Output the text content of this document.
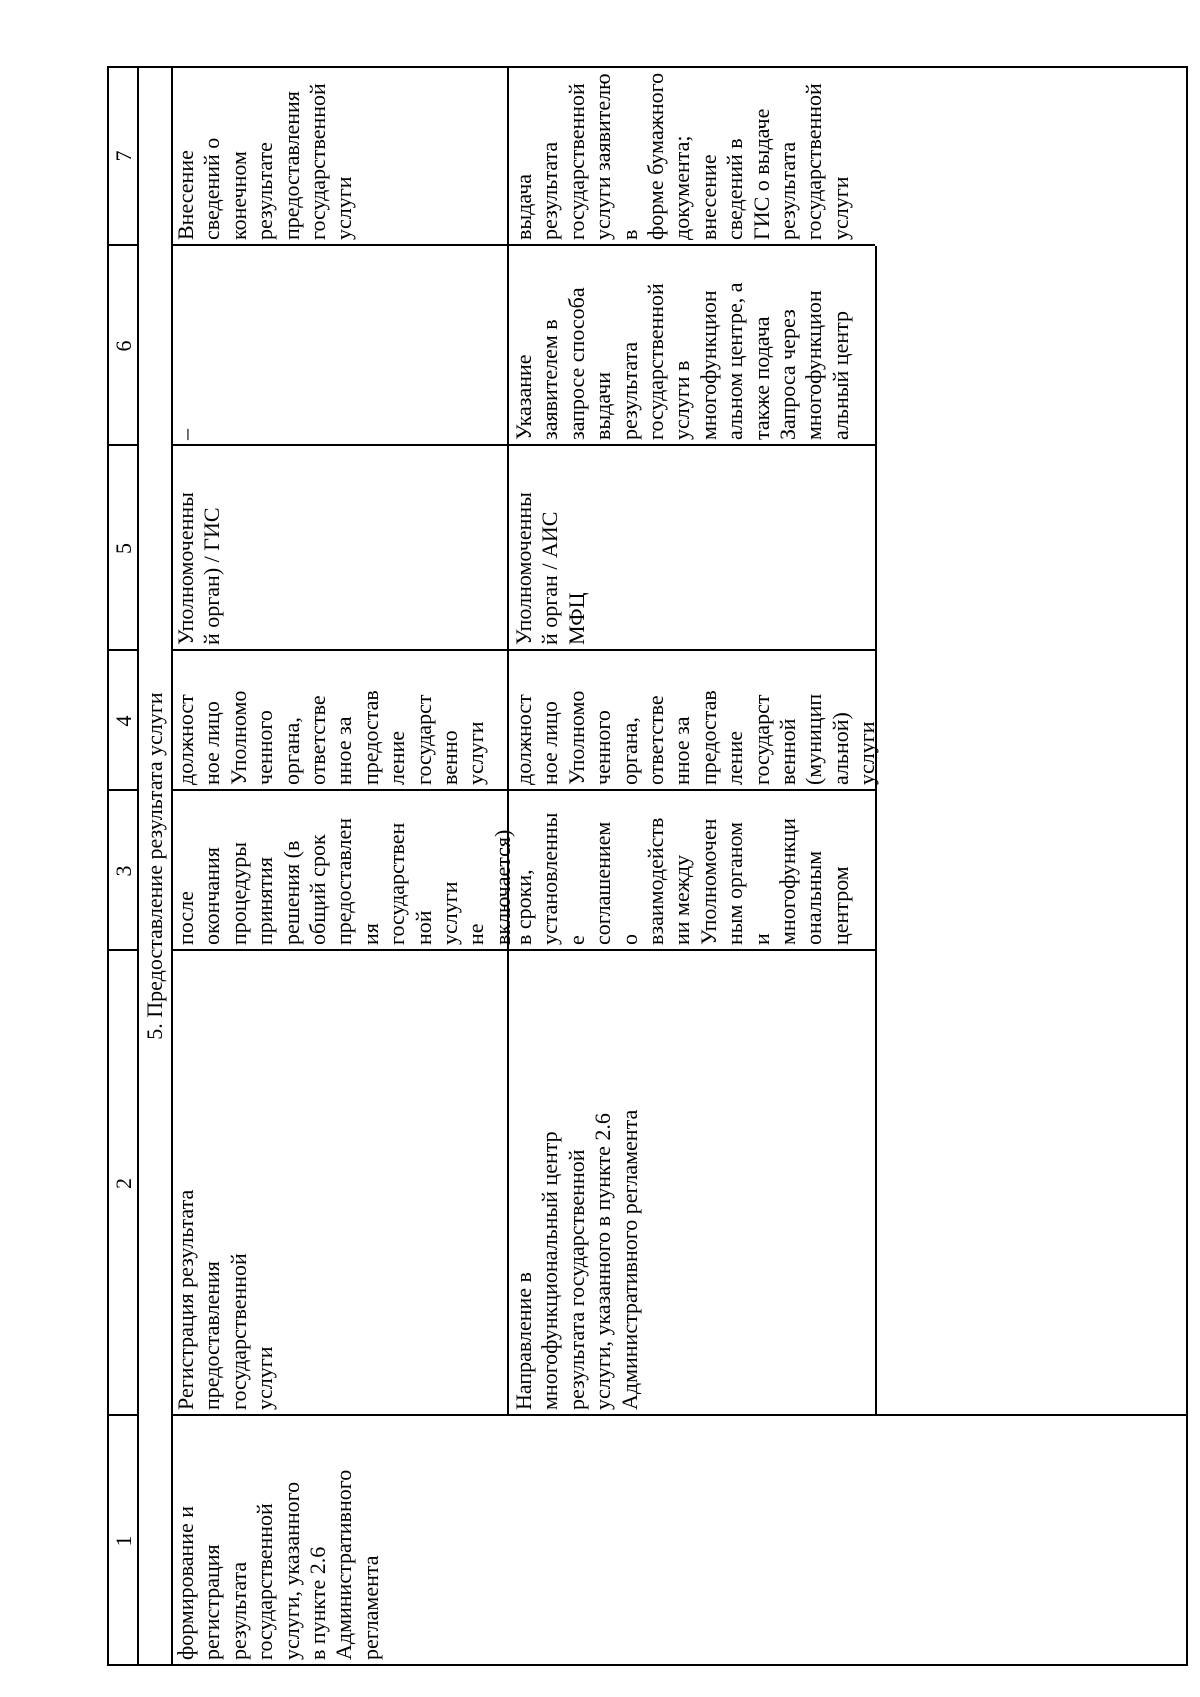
1
2
3
4
5
6
7
5. Предоставление результата услуги
формирование и
регистрация
результата
государственной
услуги, указанного
в пункте 2.6
Административного
регламента
Регистрация результата
предоставления
государственной
услуги
после
окончания
процедуры
принятия
решения (в
общий срок
предоставлен
ия
государствен
ной
услуги
не
включается)
должност
ное лицо
Уполномо
ченного
органа,
ответстве
нное за
предостав
ление
государст
венно
услуги
Уполномоченны
й орган) / ГИС
–
Внесение сведений о
конечном результате
предоставления
государственной
услуги
Направление в
многофункциональный центр
результата государственной
услуги, указанного в пункте 2.6
Административного регламента
в сроки,
установленны
е
соглашением
о
взаимодейств
ии между
Уполномочен
ным органом
и
многофункци
ональным
центром
должност
ное лицо
Уполномо
ченного
органа,
ответстве
нное за
предостав
ление
государст
венной
(муницип
альной)
услуги
Уполномоченны
й орган / АИС
МФЦ
Указание
заявителем в
запросе способа
выдачи
результата
государственной
услуги в
многофункцион
альном центре, а
также подача
Запроса через
многофункцион
альный центр
выдача результата
государственной
услуги заявителю в
форме бумажного
документа;
внесение сведений в
ГИС о выдаче
результата
государственной
услуги
